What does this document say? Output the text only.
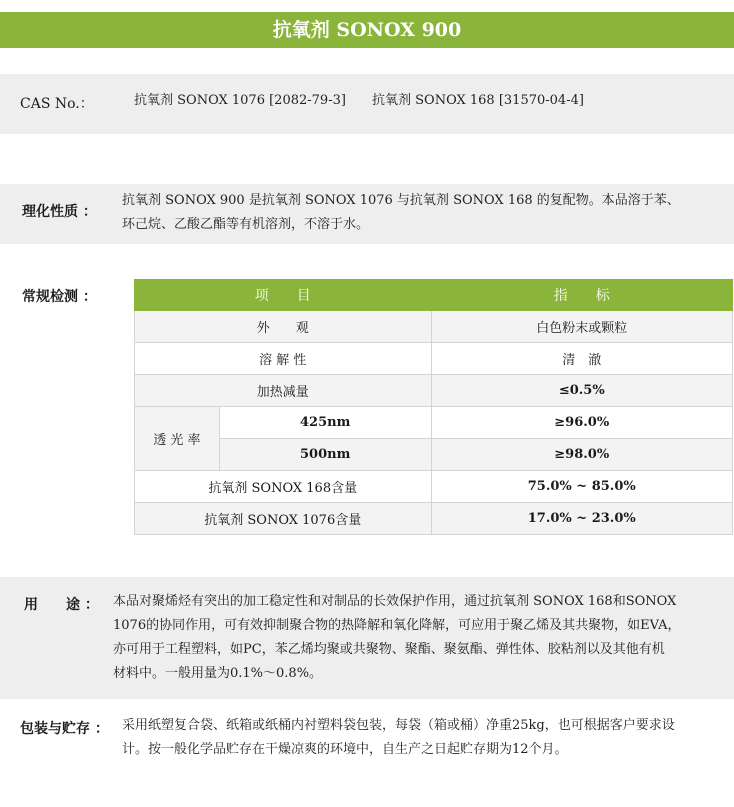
抗氧剂 SONOX 900
CAS No.：	抗氧剂 SONOX 1076 [2082-79-3] 抗氧剂 SONOX 168 [31570-04-4]
理化性质 ：
抗氧剂 SONOX 900 是抗氧剂 SONOX 1076 与抗氧剂 SONOX 168 的复配物。本品溶于苯、
环己烷、乙酸乙酯等有机溶剂，不溶于水。
常规检测 ：	项　　目		指　　标
外　　观		白色粉末或颗粒
溶 解 性		清　澈
加热减量		≤0.5%
透 光 率	425nm	≥96.0%
	500nm	≥98.0%
抗氧剂 SONOX 168含量		75.0% ~ 85.0%
抗氧剂 SONOX 1076含量		17.0% ~ 23.0%
用　　途 ： 本品对聚烯烃有突出的加工稳定性和对制品的长效保护作用，通过抗氧剂 SONOX 168和SONOX
1076的协同作用，可有效抑制聚合物的热降解和氧化降解，可应用于聚乙烯及其共聚物，如EVA，
亦可用于工程塑料，如PC，苯乙烯均聚或共聚物、聚酯、聚氨酯、弹性体、胶粘剂以及其他有机
材料中。一般用量为0.1%～0.8%。
包装与贮存 ： 采用纸塑复合袋、纸箱或纸桶内衬塑料袋包装，每袋（箱或桶）净重25kg，也可根据客户要求设
计。按一般化学品贮存在干燥凉爽的环境中，自生产之日起贮存期为12个月。
